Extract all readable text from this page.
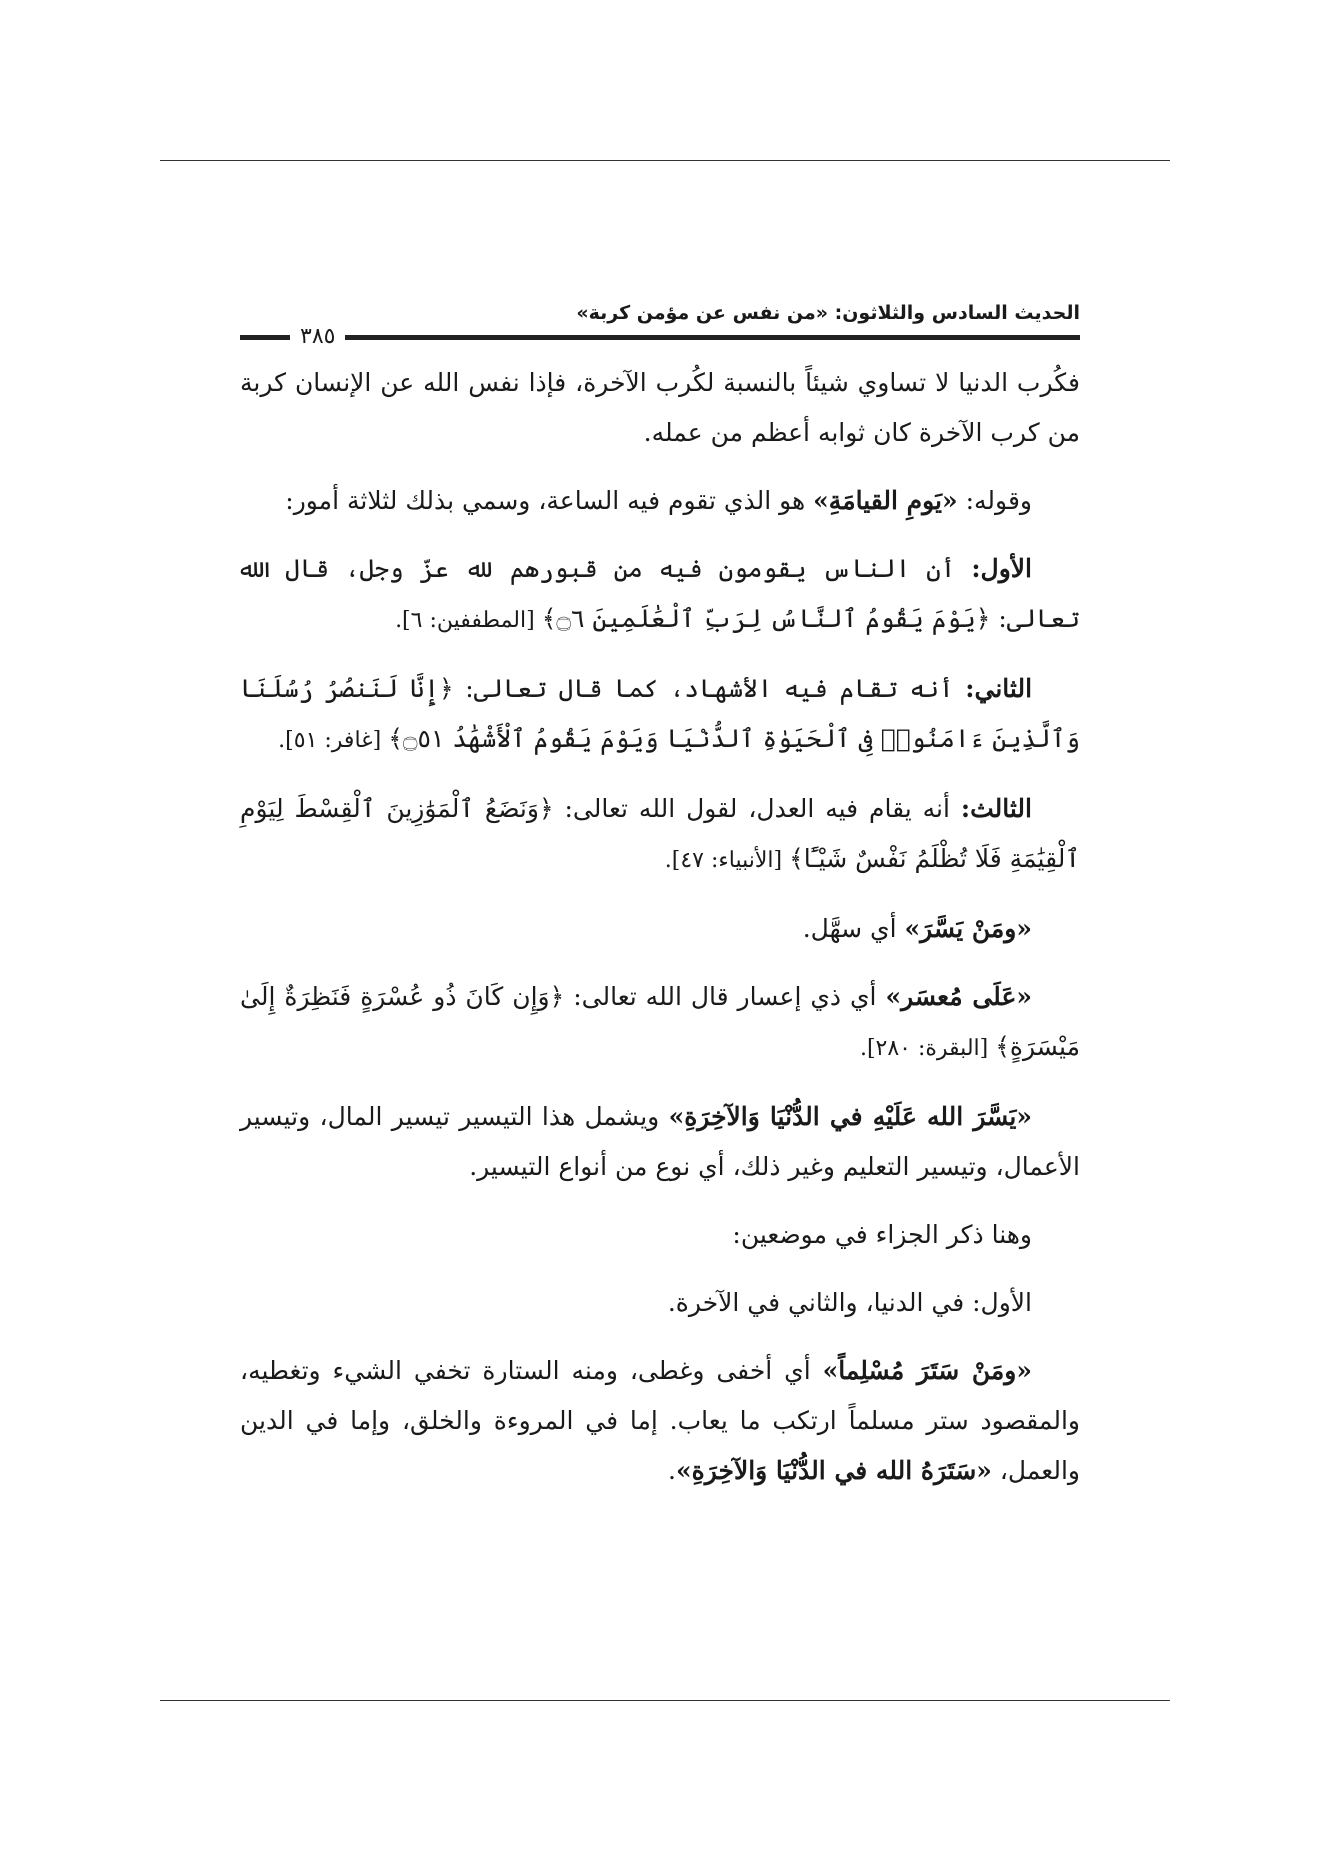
الحديث السادس والثلاثون: «من نفس عن مؤمن كربة»
٣٨٥

فكُرب الدنيا لا تساوي شيئاً بالنسبة لكُرب الآخرة، فإذا نفس الله عن الإنسان كربة من كرب الآخرة كان ثوابه أعظم من عمله.

وقوله: «يَومِ القيامَةِ» هو الذي تقوم فيه الساعة، وسمي بذلك لثلاثة أمور:

الأول: أن الناس يقومون فيه من قبورهم لله عزّ وجل، قال الله تعالى: ﴿يَوْمَ يَقُومُ ٱلنَّاسُ لِرَبِّ ٱلْعَٰلَمِينَ ۝٦﴾ [المطففين: ٦].

الثاني: أنه تقام فيه الأشهاد، كما قال تعالى: ﴿إِنَّا لَنَنصُرُ رُسُلَنَا وَٱلَّذِينَ ءَامَنُوا۟ فِى ٱلْحَيَوٰةِ ٱلدُّنْيَا وَيَوْمَ يَقُومُ ٱلْأَشْهَٰدُ ۝٥١﴾ [غافر: ٥١].

الثالث: أنه يقام فيه العدل، لقول الله تعالى: ﴿وَنَضَعُ ٱلْمَوَٰزِينَ ٱلْقِسْطَ لِيَوْمِ ٱلْقِيَٰمَةِ فَلَا تُظْلَمُ نَفْسٌ شَيْـًٔا﴾ [الأنبياء: ٤٧].

«ومَنْ يَسَّرَ» أي سهَّل.

«عَلَى مُعسَر» أي ذي إعسار قال الله تعالى: ﴿وَإِن كَانَ ذُو عُسْرَةٍ فَنَظِرَةٌ إِلَىٰ مَيْسَرَةٍ﴾ [البقرة: ٢٨٠].

«يَسَّرَ الله عَلَيْهِ في الدُّنْيَا وَالآخِرَةِ» ويشمل هذا التيسير تيسير المال، وتيسير الأعمال، وتيسير التعليم وغير ذلك، أي نوع من أنواع التيسير.

وهنا ذكر الجزاء في موضعين:

الأول: في الدنيا، والثاني في الآخرة.

«ومَنْ سَتَرَ مُسْلِماً» أي أخفى وغطى، ومنه الستارة تخفي الشيء وتغطيه، والمقصود ستر مسلماً ارتكب ما يعاب. إما في المروءة والخلق، وإما في الدين والعمل، «سَتَرَهُ الله في الدُّنْيَا وَالآخِرَةِ».
